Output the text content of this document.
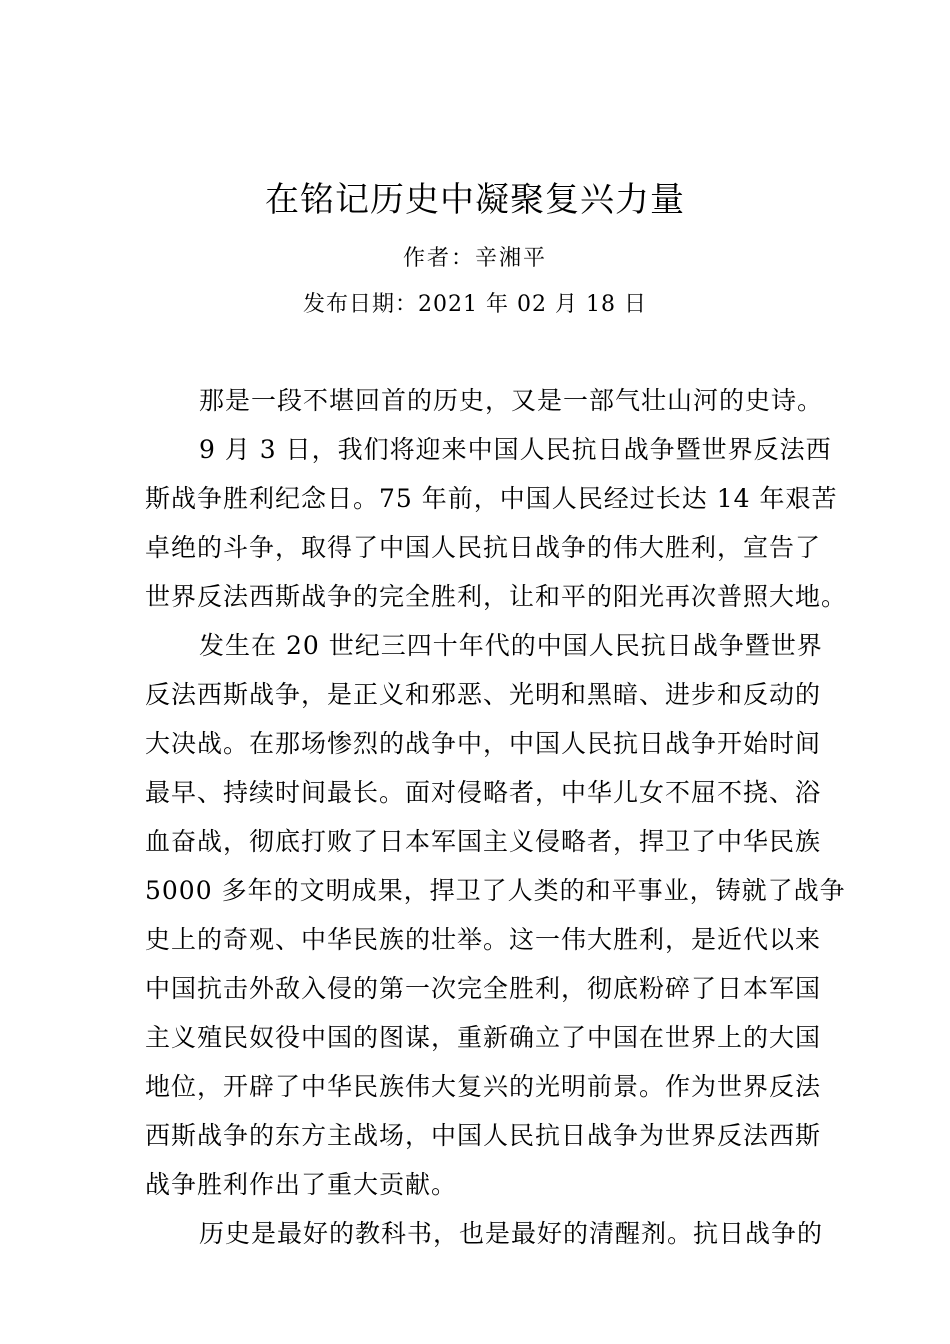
在铭记历史中凝聚复兴力量
作者：辛湘平
发布日期：2021 年 02 月 18 日
那是一段不堪回首的历史，又是一部气壮山河的史诗。
9 月 3 日，我们将迎来中国人民抗日战争暨世界反法西
斯战争胜利纪念日。75 年前，中国人民经过长达 14 年艰苦
卓绝的斗争，取得了中国人民抗日战争的伟大胜利，宣告了
世界反法西斯战争的完全胜利，让和平的阳光再次普照大地。
发生在 20 世纪三四十年代的中国人民抗日战争暨世界
反法西斯战争，是正义和邪恶、光明和黑暗、进步和反动的
大决战。在那场惨烈的战争中，中国人民抗日战争开始时间
最早、持续时间最长。面对侵略者，中华儿女不屈不挠、浴
血奋战，彻底打败了日本军国主义侵略者，捍卫了中华民族
5000 多年的文明成果，捍卫了人类的和平事业，铸就了战争
史上的奇观、中华民族的壮举。这一伟大胜利，是近代以来
中国抗击外敌入侵的第一次完全胜利，彻底粉碎了日本军国
主义殖民奴役中国的图谋，重新确立了中国在世界上的大国
地位，开辟了中华民族伟大复兴的光明前景。作为世界反法
西斯战争的东方主战场，中国人民抗日战争为世界反法西斯
战争胜利作出了重大贡献。
历史是最好的教科书，也是最好的清醒剂。抗日战争的
